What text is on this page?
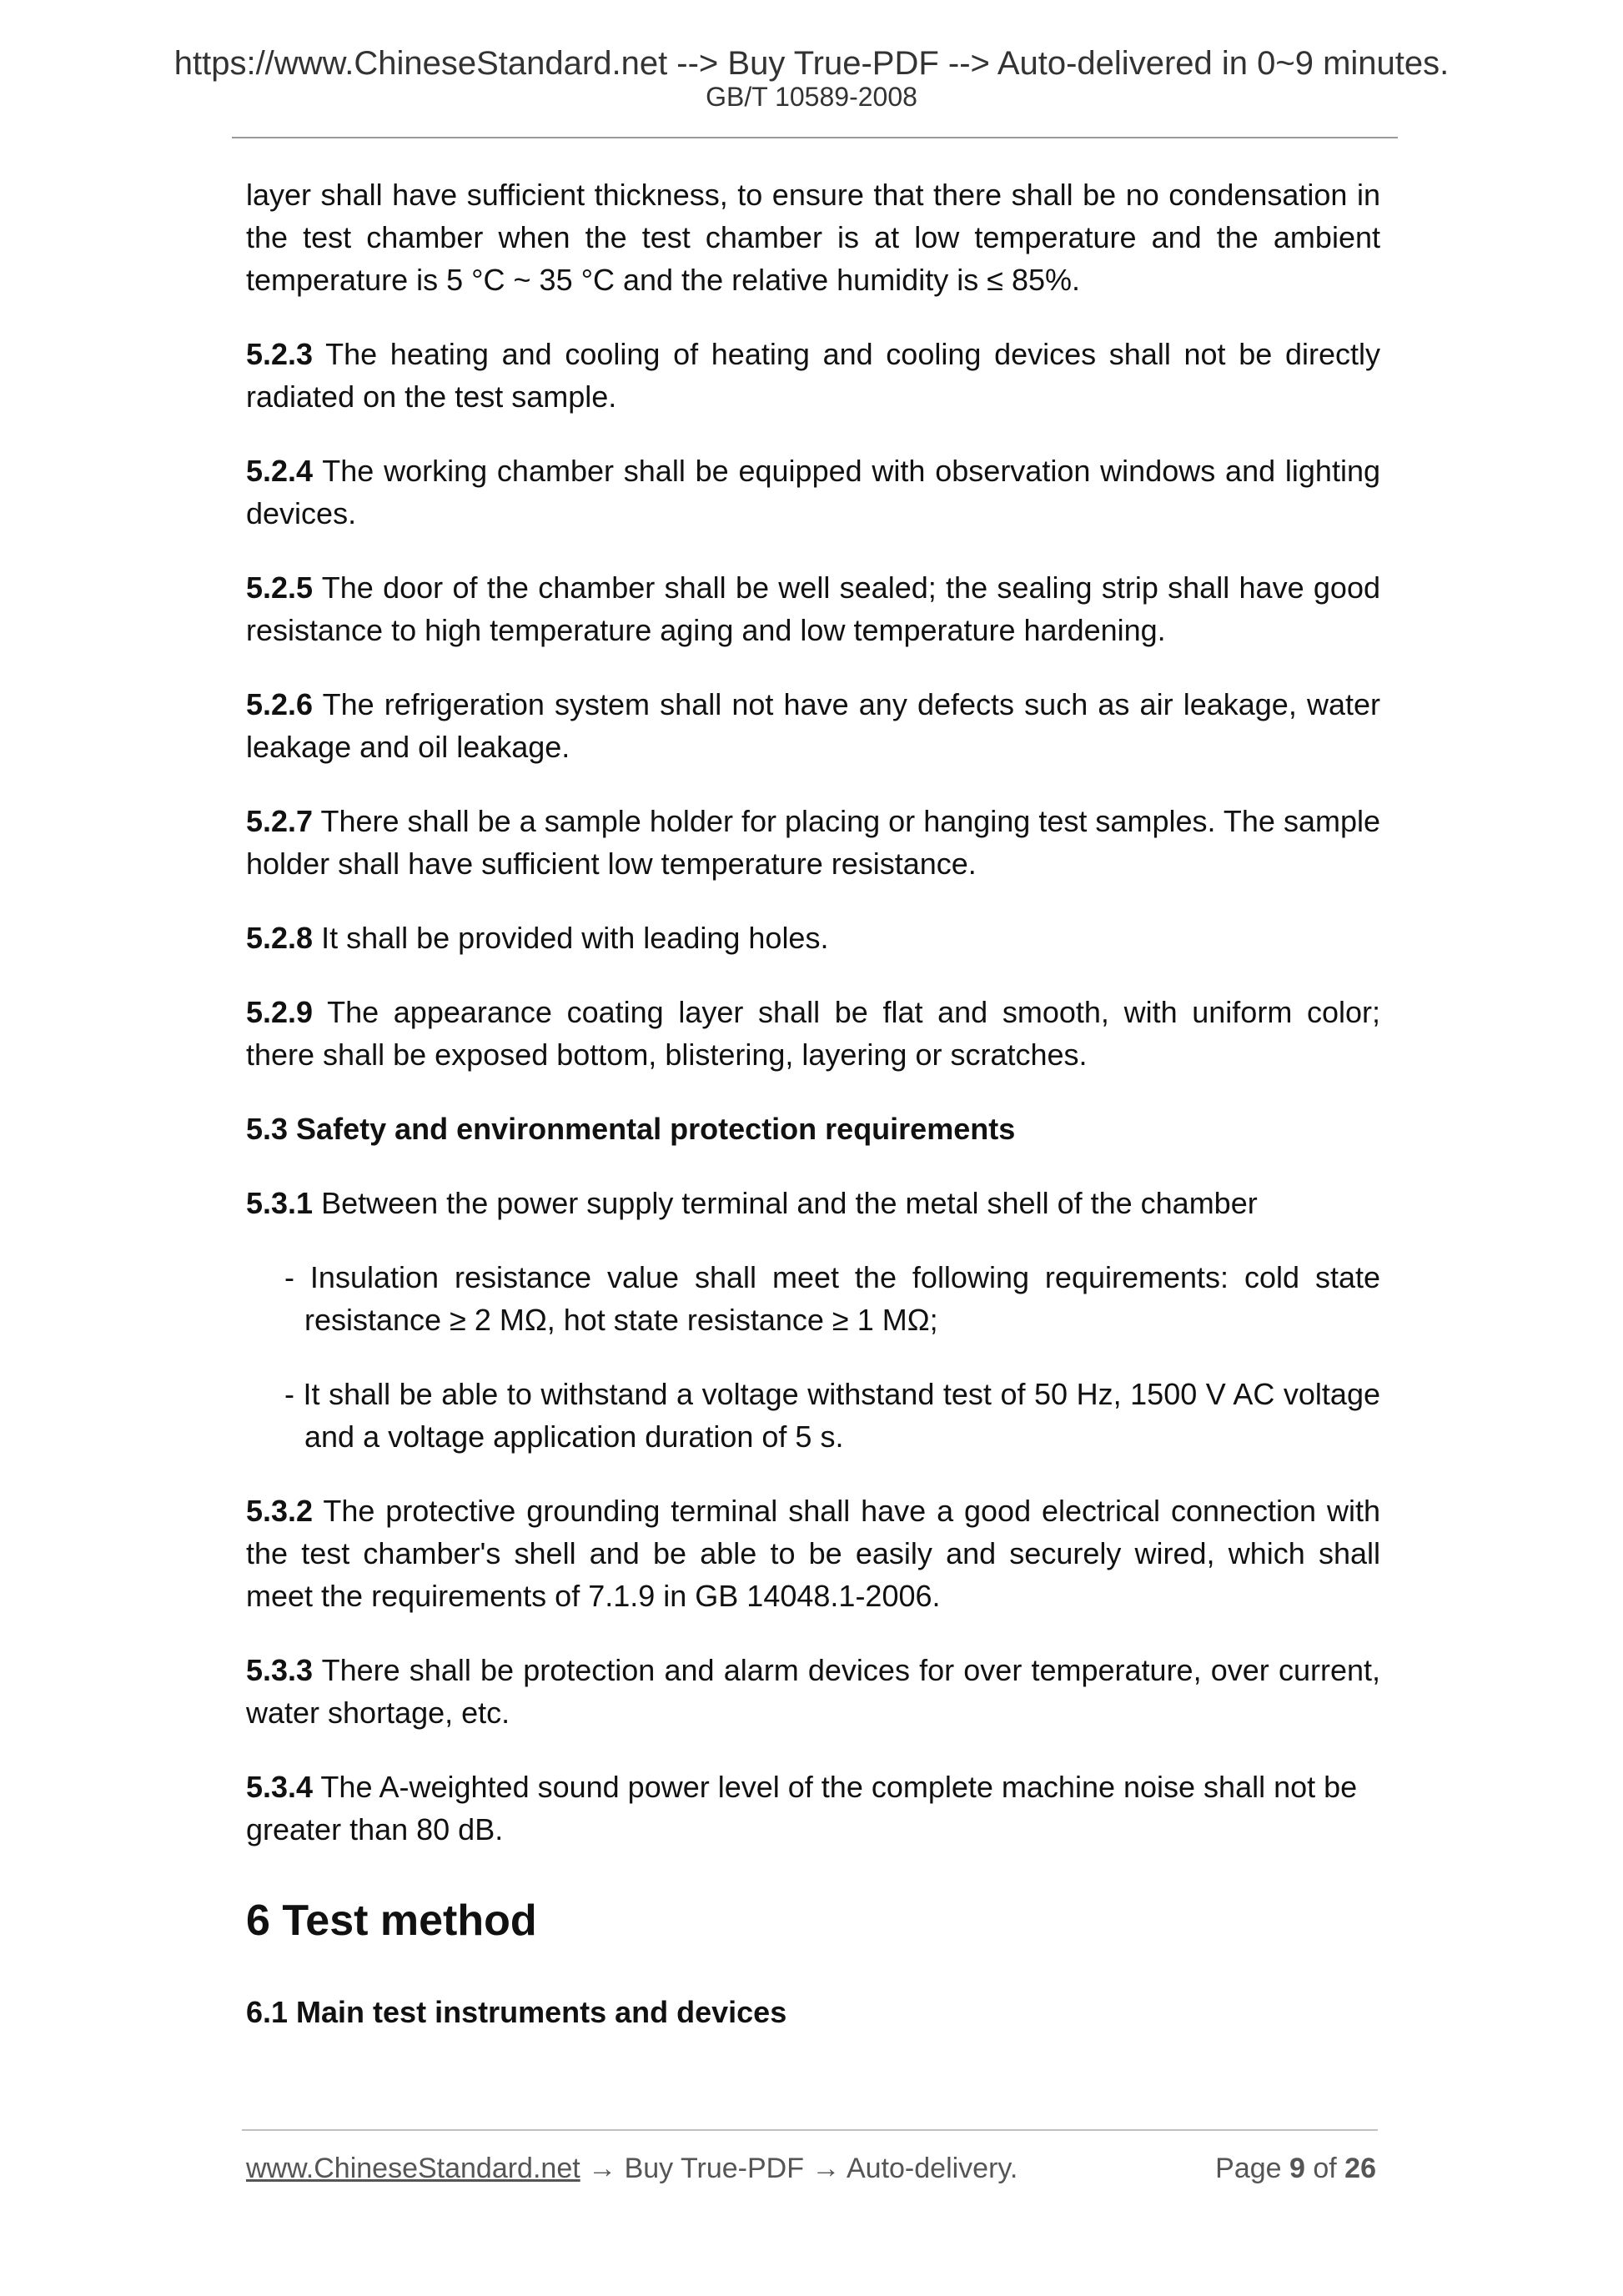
https://www.ChineseStandard.net --> Buy True-PDF --> Auto-delivered in 0~9 minutes.
GB/T 10589-2008

layer shall have sufficient thickness, to ensure that there shall be no condensation in the test chamber when the test chamber is at low temperature and the ambient temperature is 5 °C ~ 35 °C and the relative humidity is ≤ 85%.

5.2.3 The heating and cooling of heating and cooling devices shall not be directly radiated on the test sample.

5.2.4 The working chamber shall be equipped with observation windows and lighting devices.

5.2.5 The door of the chamber shall be well sealed; the sealing strip shall have good resistance to high temperature aging and low temperature hardening.

5.2.6 The refrigeration system shall not have any defects such as air leakage, water leakage and oil leakage.

5.2.7 There shall be a sample holder for placing or hanging test samples. The sample holder shall have sufficient low temperature resistance.

5.2.8 It shall be provided with leading holes.

5.2.9 The appearance coating layer shall be flat and smooth, with uniform color; there shall be exposed bottom, blistering, layering or scratches.

5.3 Safety and environmental protection requirements

5.3.1 Between the power supply terminal and the metal shell of the chamber

- Insulation resistance value shall meet the following requirements: cold state resistance ≥ 2 MΩ, hot state resistance ≥ 1 MΩ;

- It shall be able to withstand a voltage withstand test of 50 Hz, 1500 V AC voltage and a voltage application duration of 5 s.

5.3.2 The protective grounding terminal shall have a good electrical connection with the test chamber's shell and be able to be easily and securely wired, which shall meet the requirements of 7.1.9 in GB 14048.1-2006.

5.3.3 There shall be protection and alarm devices for over temperature, over current, water shortage, etc.

5.3.4 The A-weighted sound power level of the complete machine noise shall not be greater than 80 dB.

6 Test method

6.1 Main test instruments and devices

www.ChineseStandard.net → Buy True-PDF → Auto-delivery.	Page 9 of 26
